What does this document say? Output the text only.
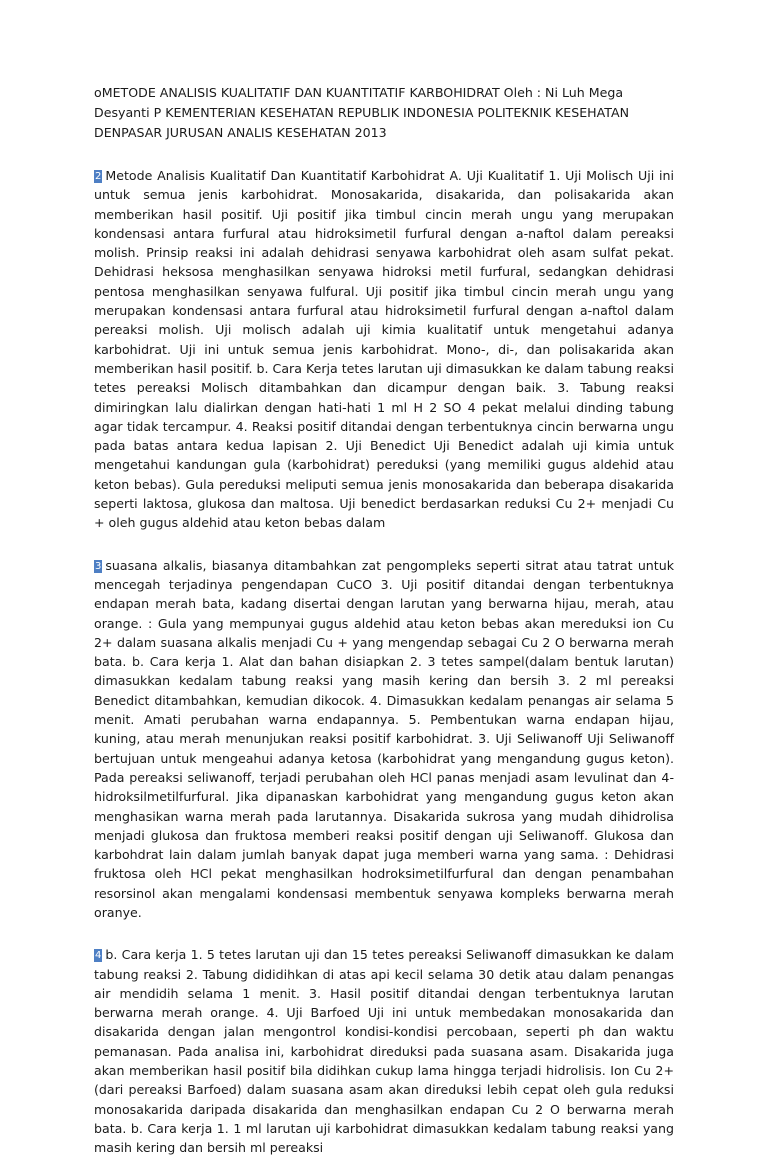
oMETODE ANALISIS KUALITATIF DAN KUANTITATIF KARBOHIDRAT Oleh : Ni Luh Mega Desyanti P KEMENTERIAN KESEHATAN REPUBLIK INDONESIA POLITEKNIK KESEHATAN DENPASAR JURUSAN ANALIS KESEHATAN 2013

2 Metode Analisis Kualitatif Dan Kuantitatif Karbohidrat A. Uji Kualitatif 1. Uji Molisch Uji ini untuk semua jenis karbohidrat. Monosakarida, disakarida, dan polisakarida akan memberikan hasil positif. Uji positif jika timbul cincin merah ungu yang merupakan kondensasi antara furfural atau hidroksimetil furfural dengan a-naftol dalam pereaksi molish. Prinsip reaksi ini adalah dehidrasi senyawa karbohidrat oleh asam sulfat pekat. Dehidrasi heksosa menghasilkan senyawa hidroksi metil furfural, sedangkan dehidrasi pentosa menghasilkan senyawa fulfural. Uji positif jika timbul cincin merah ungu yang merupakan kondensasi antara furfural atau hidroksimetil furfural dengan a-naftol dalam pereaksi molish. Uji molisch adalah uji kimia kualitatif untuk mengetahui adanya karbohidrat. Uji ini untuk semua jenis karbohidrat. Mono-, di-, dan polisakarida akan memberikan hasil positif. b. Cara Kerja tetes larutan uji dimasukkan ke dalam tabung reaksi tetes pereaksi Molisch ditambahkan dan dicampur dengan baik. 3. Tabung reaksi dimiringkan lalu dialirkan dengan hati-hati 1 ml H 2 SO 4 pekat melalui dinding tabung agar tidak tercampur. 4. Reaksi positif ditandai dengan terbentuknya cincin berwarna ungu pada batas antara kedua lapisan 2. Uji Benedict Uji Benedict adalah uji kimia untuk mengetahui kandungan gula (karbohidrat) pereduksi (yang memiliki gugus aldehid atau keton bebas). Gula pereduksi meliputi semua jenis monosakarida dan beberapa disakarida seperti laktosa, glukosa dan maltosa. Uji benedict berdasarkan reduksi Cu 2+ menjadi Cu + oleh gugus aldehid atau keton bebas dalam

3 suasana alkalis, biasanya ditambahkan zat pengompleks seperti sitrat atau tatrat untuk mencegah terjadinya pengendapan CuCO 3. Uji positif ditandai dengan terbentuknya endapan merah bata, kadang disertai dengan larutan yang berwarna hijau, merah, atau orange. : Gula yang mempunyai gugus aldehid atau keton bebas akan mereduksi ion Cu 2+ dalam suasana alkalis menjadi Cu + yang mengendap sebagai Cu 2 O berwarna merah bata. b. Cara kerja 1. Alat dan bahan disiapkan 2. 3 tetes sampel(dalam bentuk larutan) dimasukkan kedalam tabung reaksi yang masih kering dan bersih 3. 2 ml pereaksi Benedict ditambahkan, kemudian dikocok. 4. Dimasukkan kedalam penangas air selama 5 menit. Amati perubahan warna endapannya. 5. Pembentukan warna endapan hijau, kuning, atau merah menunjukan reaksi positif karbohidrat. 3. Uji Seliwanoff Uji Seliwanoff bertujuan untuk mengeahui adanya ketosa (karbohidrat yang mengandung gugus keton). Pada pereaksi seliwanoff, terjadi perubahan oleh HCl panas menjadi asam levulinat dan 4- hidroksilmetilfurfural. Jika dipanaskan karbohidrat yang mengandung gugus keton akan menghasikan warna merah pada larutannya. Disakarida sukrosa yang mudah dihidrolisa menjadi glukosa dan fruktosa memberi reaksi positif dengan uji Seliwanoff. Glukosa dan karbohdrat lain dalam jumlah banyak dapat juga memberi warna yang sama. : Dehidrasi fruktosa oleh HCl pekat menghasilkan hodroksimetilfurfural dan dengan penambahan resorsinol akan mengalami kondensasi membentuk senyawa kompleks berwarna merah oranye.

4 b. Cara kerja 1. 5 tetes larutan uji dan 15 tetes pereaksi Seliwanoff dimasukkan ke dalam tabung reaksi 2. Tabung dididihkan di atas api kecil selama 30 detik atau dalam penangas air mendidih selama 1 menit. 3. Hasil positif ditandai dengan terbentuknya larutan berwarna merah orange. 4. Uji Barfoed Uji ini untuk membedakan monosakarida dan disakarida dengan jalan mengontrol kondisi-kondisi percobaan, seperti ph dan waktu pemanasan. Pada analisa ini, karbohidrat direduksi pada suasana asam. Disakarida juga akan memberikan hasil positif bila didihkan cukup lama hingga terjadi hidrolisis. Ion Cu 2+ (dari pereaksi Barfoed) dalam suasana asam akan direduksi lebih cepat oleh gula reduksi monosakarida daripada disakarida dan menghasilkan endapan Cu 2 O berwarna merah bata. b. Cara kerja 1. 1 ml larutan uji karbohidrat dimasukkan kedalam tabung reaksi yang masih kering dan bersih ml pereaksi
